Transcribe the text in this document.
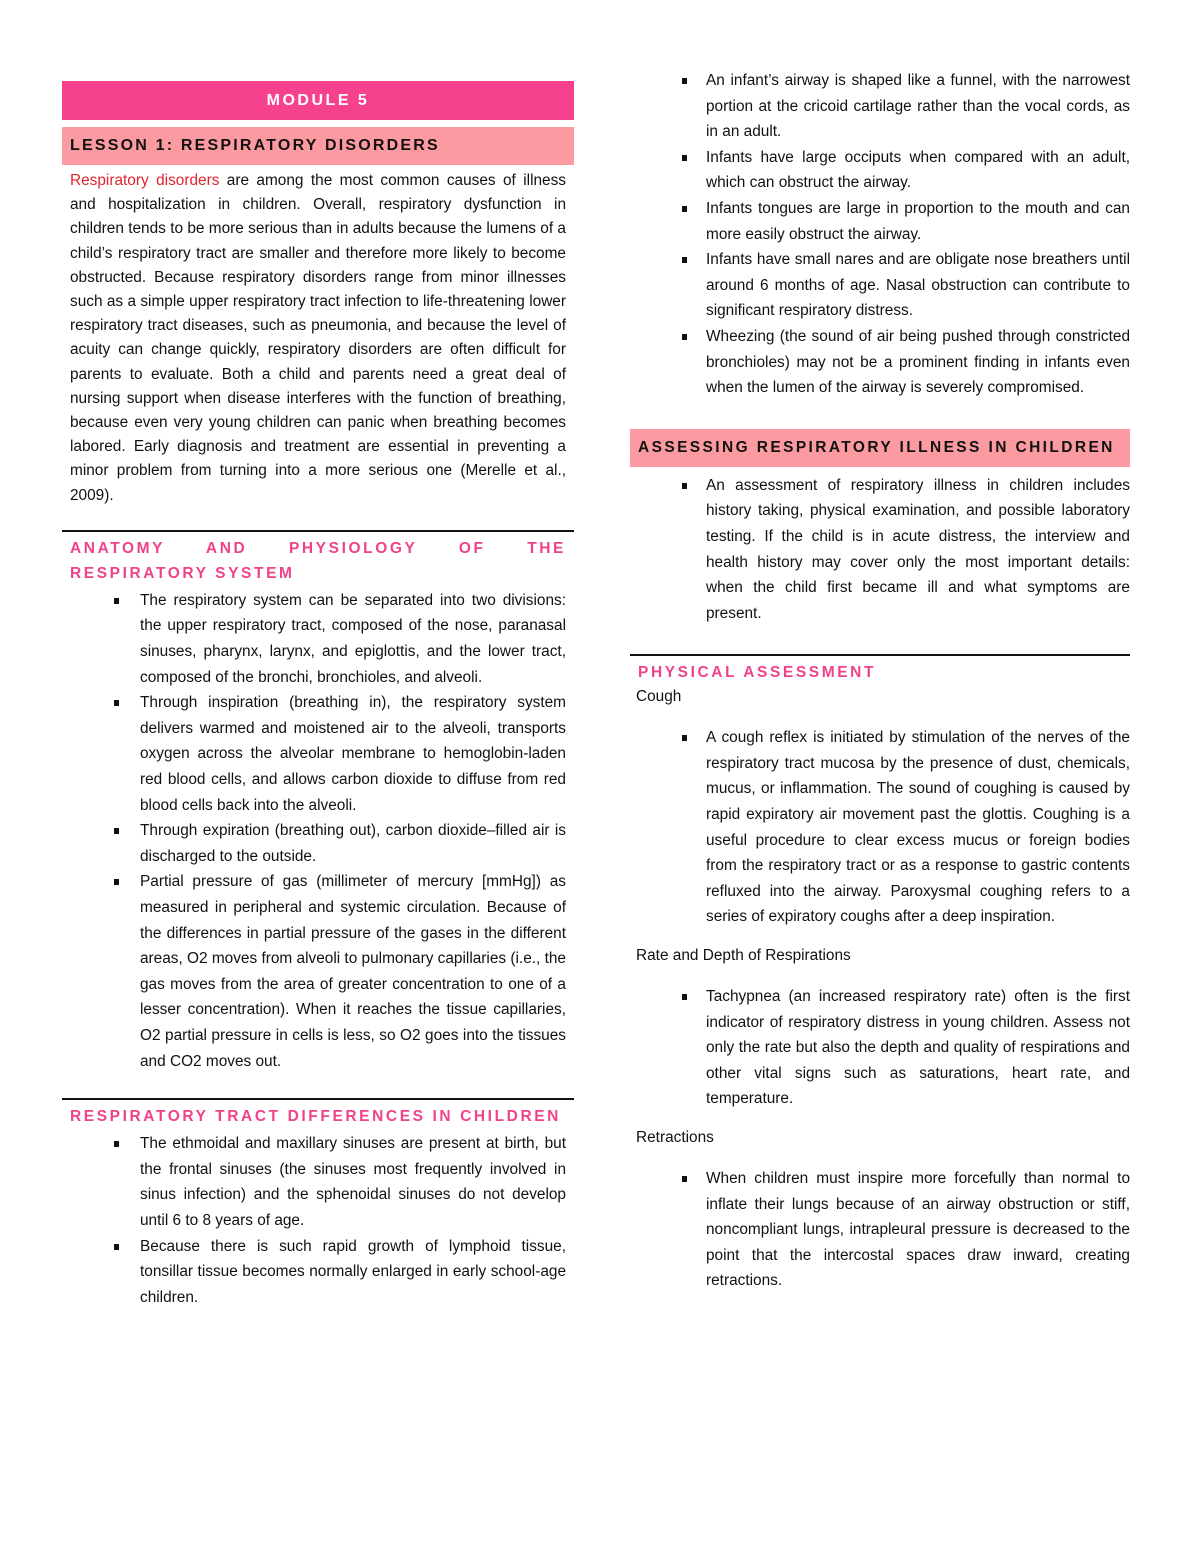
MODULE 5
LESSON 1: RESPIRATORY DISORDERS

Respiratory disorders are among the most common causes of illness and hospitalization in children. Overall, respiratory dysfunction in children tends to be more serious than in adults because the lumens of a child’s respiratory tract are smaller and therefore more likely to become obstructed. Because respiratory disorders range from minor illnesses such as a simple upper respiratory tract infection to life-threatening lower respiratory tract diseases, such as pneumonia, and because the level of acuity can change quickly, respiratory disorders are often difficult for parents to evaluate. Both a child and parents need a great deal of nursing support when disease interferes with the function of breathing, because even very young children can panic when breathing becomes labored. Early diagnosis and treatment are essential in preventing a minor problem from turning into a more serious one (Merelle et al., 2009).

ANATOMY AND PHYSIOLOGY OF THE RESPIRATORY SYSTEM
The respiratory system can be separated into two divisions: the upper respiratory tract, composed of the nose, paranasal sinuses, pharynx, larynx, and epiglottis, and the lower tract, composed of the bronchi, bronchioles, and alveoli.
Through inspiration (breathing in), the respiratory system delivers warmed and moistened air to the alveoli, transports oxygen across the alveolar membrane to hemoglobin-laden red blood cells, and allows carbon dioxide to diffuse from red blood cells back into the alveoli.
Through expiration (breathing out), carbon dioxide–filled air is discharged to the outside.
Partial pressure of gas (millimeter of mercury [mmHg]) as measured in peripheral and systemic circulation. Because of the differences in partial pressure of the gases in the different areas, O2 moves from alveoli to pulmonary capillaries (i.e., the gas moves from the area of greater concentration to one of a lesser concentration). When it reaches the tissue capillaries, O2 partial pressure in cells is less, so O2 goes into the tissues and CO2 moves out.
RESPIRATORY TRACT DIFFERENCES IN CHILDREN
The ethmoidal and maxillary sinuses are present at birth, but the frontal sinuses (the sinuses most frequently involved in sinus infection) and the sphenoidal sinuses do not develop until 6 to 8 years of age.
Because there is such rapid growth of lymphoid tissue, tonsillar tissue becomes normally enlarged in early school-age children.
An infant’s airway is shaped like a funnel, with the narrowest portion at the cricoid cartilage rather than the vocal cords, as in an adult.
Infants have large occiputs when compared with an adult, which can obstruct the airway.
Infants tongues are large in proportion to the mouth and can more easily obstruct the airway.
Infants have small nares and are obligate nose breathers until around 6 months of age. Nasal obstruction can contribute to significant respiratory distress.
Wheezing (the sound of air being pushed through constricted bronchioles) may not be a prominent finding in infants even when the lumen of the airway is severely compromised.
ASSESSING RESPIRATORY ILLNESS IN CHILDREN
An assessment of respiratory illness in children includes history taking, physical examination, and possible laboratory testing. If the child is in acute distress, the interview and health history may cover only the most important details: when the child first became ill and what symptoms are present.
PHYSICAL ASSESSMENT
Cough
A cough reflex is initiated by stimulation of the nerves of the respiratory tract mucosa by the presence of dust, chemicals, mucus, or inflammation. The sound of coughing is caused by rapid expiratory air movement past the glottis. Coughing is a useful procedure to clear excess mucus or foreign bodies from the respiratory tract or as a response to gastric contents refluxed into the airway. Paroxysmal coughing refers to a series of expiratory coughs after a deep inspiration.
Rate and Depth of Respirations
Tachypnea (an increased respiratory rate) often is the first indicator of respiratory distress in young children. Assess not only the rate but also the depth and quality of respirations and other vital signs such as saturations, heart rate, and temperature.
Retractions
When children must inspire more forcefully than normal to inflate their lungs because of an airway obstruction or stiff, noncompliant lungs, intrapleural pressure is decreased to the point that the intercostal spaces draw inward, creating retractions.
